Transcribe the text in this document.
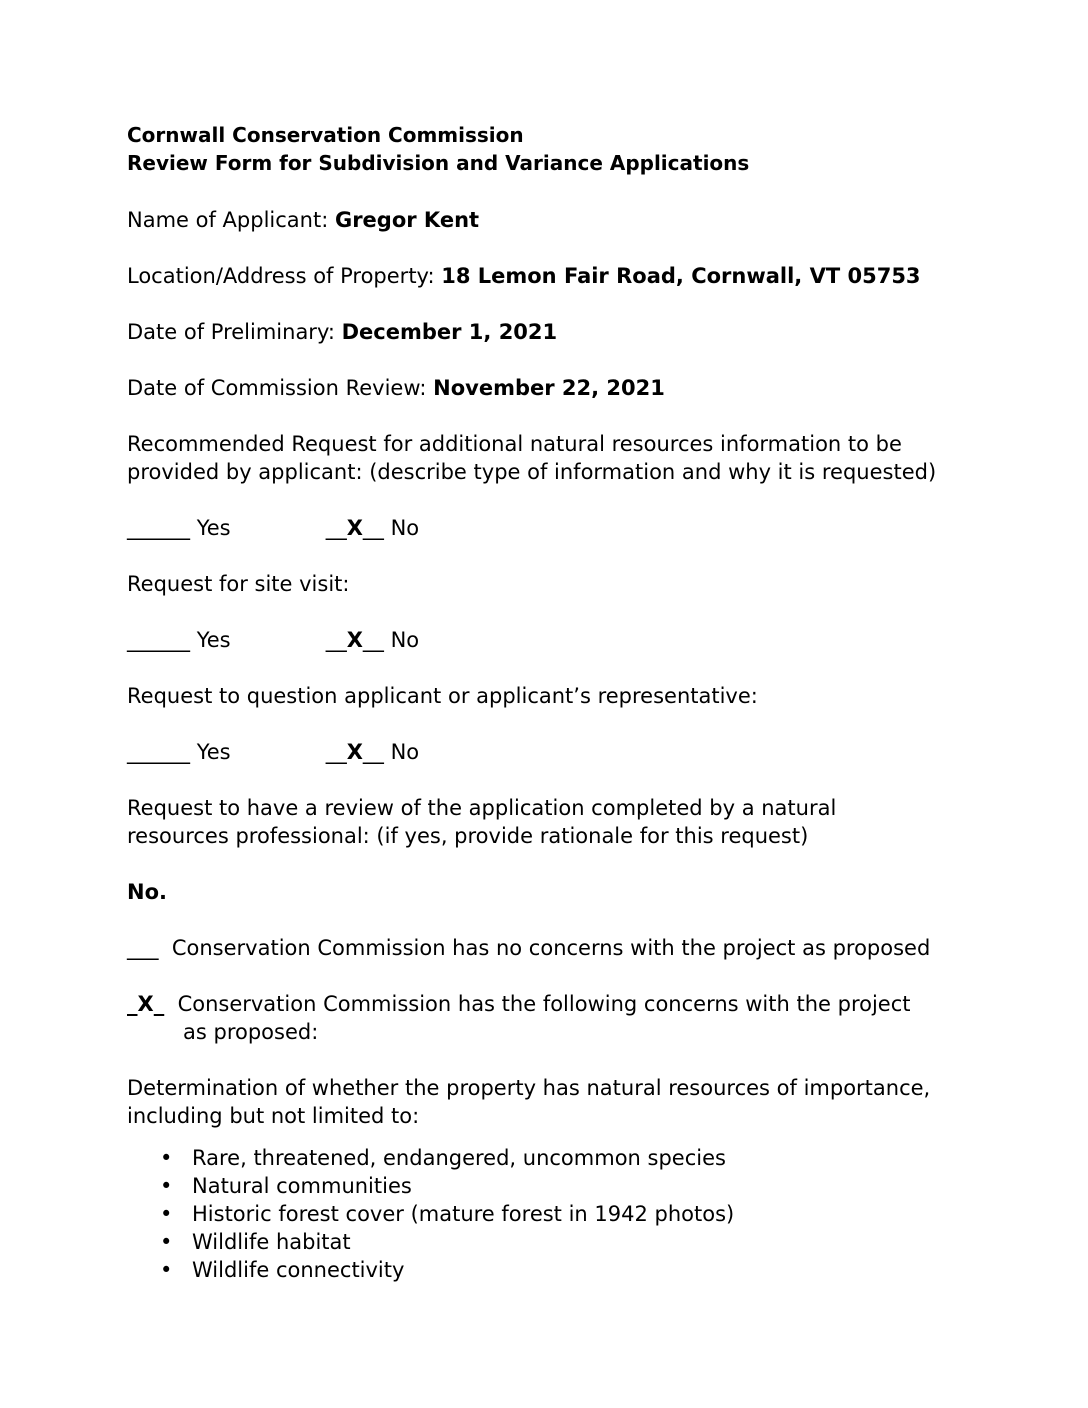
Cornwall Conservation Commission
Review Form for Subdivision and Variance Applications
Name of Applicant: Gregor Kent
Location/Address of Property: 18 Lemon Fair Road, Cornwall, VT 05753
Date of Preliminary: December 1, 2021
Date of Commission Review: November 22, 2021
Recommended Request for additional natural resources information to be
provided by applicant: (describe type of information and why it is requested)
______ Yes	__X__ No
Request for site visit:
______ Yes	__X__ No
Request to question applicant or applicant’s representative:
______ Yes	__X__ No
Request to have a review of the application completed by a natural
resources professional: (if yes, provide rationale for this request)
No.
___ Conservation Commission has no concerns with the project as proposed
_X_ Conservation Commission has the following concerns with the project
as proposed:
Determination of whether the property has natural resources of importance,
including but not limited to:
• Rare, threatened, endangered, uncommon species
• Natural communities
• Historic forest cover (mature forest in 1942 photos)
• Wildlife habitat
• Wildlife connectivity
